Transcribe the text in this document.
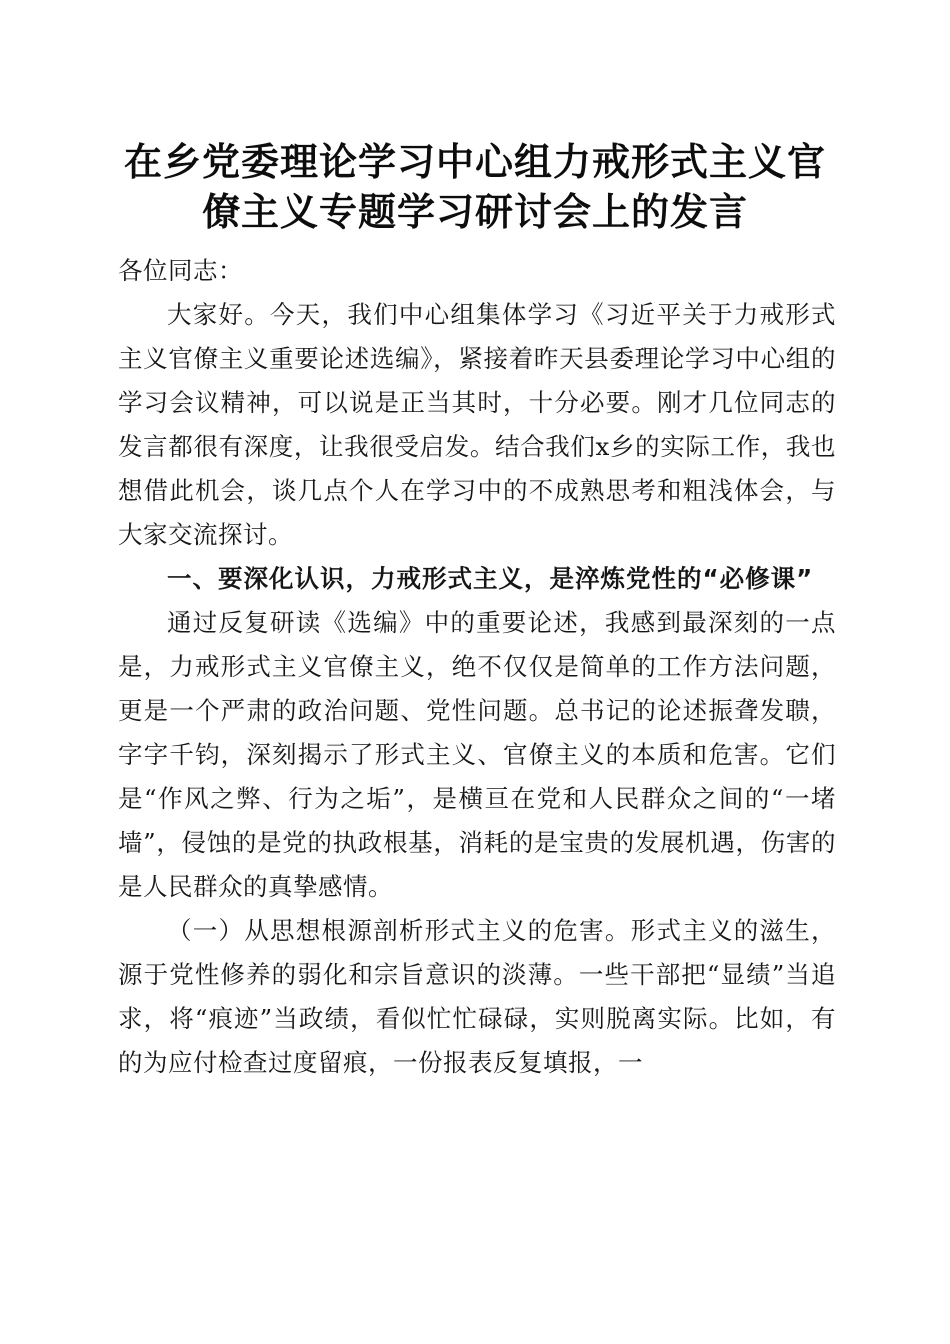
在乡党委理论学习中心组力戒形式主义官僚主义专题学习研讨会上的发言

各位同志：

大家好。今天，我们中心组集体学习《习近平关于力戒形式主义官僚主义重要论述选编》，紧接着昨天县委理论学习中心组的学习会议精神，可以说是正当其时，十分必要。刚才几位同志的发言都很有深度，让我很受启发。结合我们x乡的实际工作，我也想借此机会，谈几点个人在学习中的不成熟思考和粗浅体会，与大家交流探讨。

一、要深化认识，力戒形式主义，是淬炼党性的“必修课”

通过反复研读《选编》中的重要论述，我感到最深刻的一点是，力戒形式主义官僚主义，绝不仅仅是简单的工作方法问题，更是一个严肃的政治问题、党性问题。总书记的论述振聋发聩，字字千钧，深刻揭示了形式主义、官僚主义的本质和危害。它们是“作风之弊、行为之垢”，是横亘在党和人民群众之间的“一堵墙”，侵蚀的是党的执政根基，消耗的是宝贵的发展机遇，伤害的是人民群众的真挚感情。

（一）从思想根源剖析形式主义的危害。形式主义的滋生，源于党性修养的弱化和宗旨意识的淡薄。一些干部把“显绩”当追求，将“痕迹”当政绩，看似忙忙碌碌，实则脱离实际。比如，有的为应付检查过度留痕，一份报表反复填报，一
